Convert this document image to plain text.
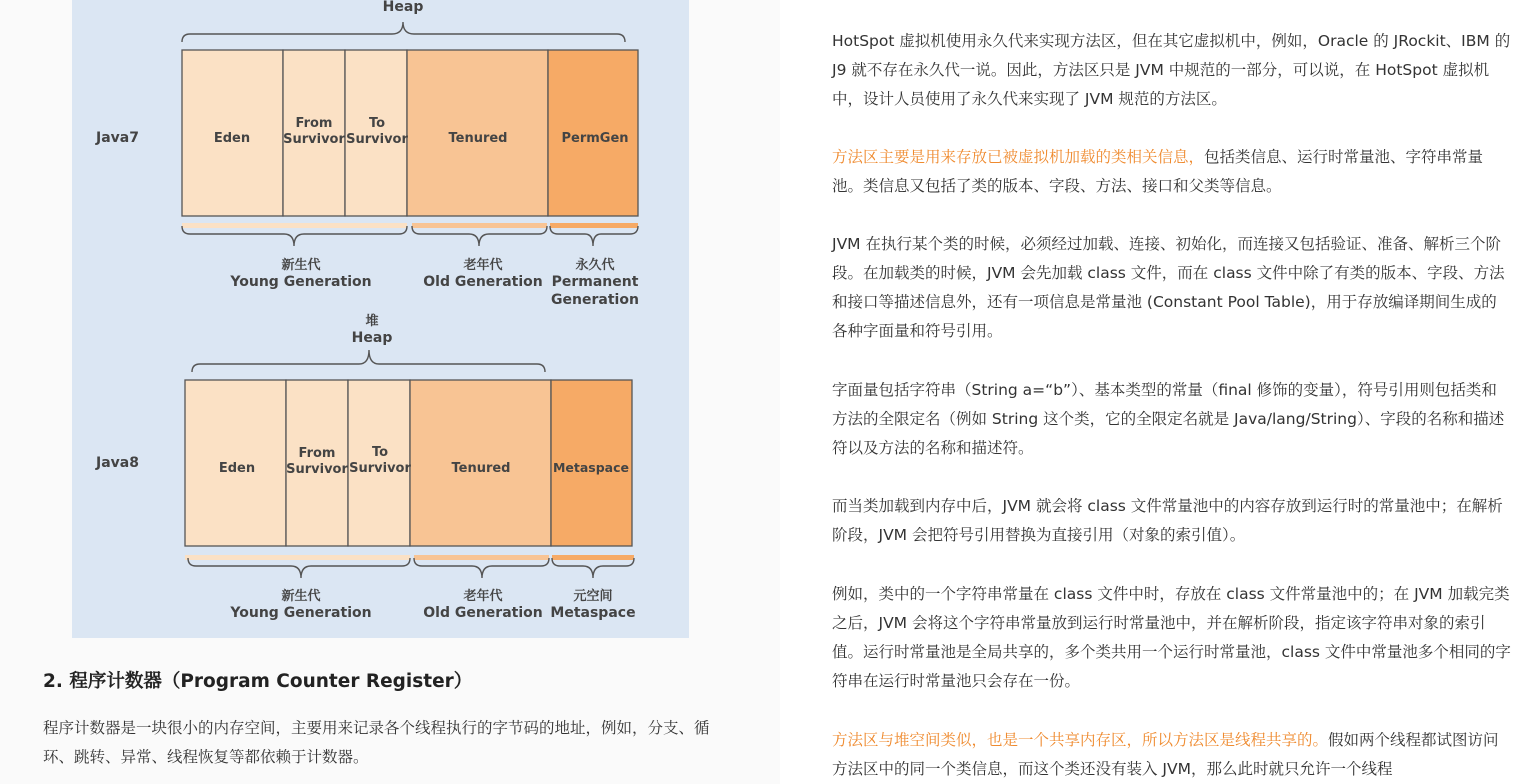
Heap
Java7	Eden
From
Survivor
To
Survivor	Tenured	PermGen
新生代
Young Generation
老年代
Old Generation
永久代
Permanent
Generation
堆
Heap
Java8	Eden
From
Survivor
To
Survivor	Tenured	Metaspace
新生代
Young Generation
老年代
Old Generation
元空间
Metaspace
2. 程序计数器（Program Counter Register）
程序计数器是一块很小的内存空间，主要用来记录各个线程执行的字节码的地址，例如，分支、循环、跳转、异常、线程恢复等都依赖于计数器。

HotSpot 虚拟机使用永久代来实现方法区，但在其它虚拟机中，例如，Oracle 的 JRockit、IBM 的 J9 就不存在永久代一说。因此，方法区只是 JVM 中规范的一部分，可以说，在 HotSpot 虚拟机中，设计人员使用了永久代来实现了 JVM 规范的方法区。

方法区主要是用来存放已被虚拟机加载的类相关信息，包括类信息、运行时常量池、字符串常量池。类信息又包括了类的版本、字段、方法、接口和父类等信息。

JVM 在执行某个类的时候，必须经过加载、连接、初始化，而连接又包括验证、准备、解析三个阶段。在加载类的时候，JVM 会先加载 class 文件，而在 class 文件中除了有类的版本、字段、方法和接口等描述信息外，还有一项信息是常量池 (Constant Pool Table)，用于存放编译期间生成的各种字面量和符号引用。

字面量包括字符串（String a=“b”）、基本类型的常量（final 修饰的变量），符号引用则包括类和方法的全限定名（例如 String 这个类，它的全限定名就是 Java/lang/String）、字段的名称和描述符以及方法的名称和描述符。

而当类加载到内存中后，JVM 就会将 class 文件常量池中的内容存放到运行时的常量池中；在解析阶段，JVM 会把符号引用替换为直接引用（对象的索引值）。

例如，类中的一个字符串常量在 class 文件中时，存放在 class 文件常量池中的；在 JVM 加载完类之后，JVM 会将这个字符串常量放到运行时常量池中，并在解析阶段，指定该字符串对象的索引值。运行时常量池是全局共享的，多个类共用一个运行时常量池，class 文件中常量池多个相同的字符串在运行时常量池只会存在一份。

方法区与堆空间类似，也是一个共享内存区，所以方法区是线程共享的。假如两个线程都试图访问方法区中的同一个类信息，而这个类还没有装入 JVM，那么此时就只允许一个线程
